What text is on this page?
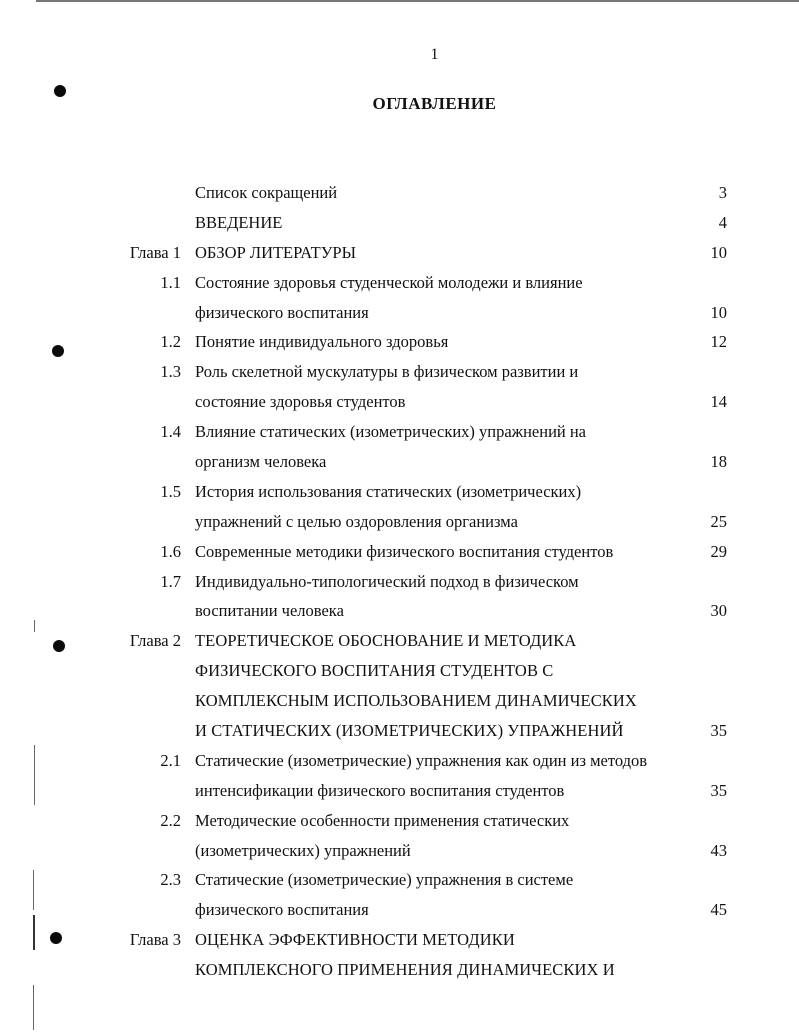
1
ОГЛАВЛЕНИЕ
Список сокращений	3
ВВЕДЕНИЕ	4
Глава 1 ОБЗОР ЛИТЕРАТУРЫ	10
1.1 Состояние здоровья студенческой молодежи и влияние
физического воспитания	10
1.2 Понятие индивидуального здоровья	12
1.3 Роль скелетной мускулатуры в физическом развитии и
состояние здоровья студентов	14
1.4 Влияние статических (изометрических) упражнений на
организм человека	18
1.5 История использования статических (изометрических)
упражнений с целью оздоровления организма	25
1.6 Современные методики физического воспитания студентов	29
1.7 Индивидуально-типологический подход в физическом
воспитании человека	30
Глава 2 ТЕОРЕТИЧЕСКОЕ ОБОСНОВАНИЕ И МЕТОДИКА
ФИЗИЧЕСКОГО ВОСПИТАНИЯ СТУДЕНТОВ С
КОМПЛЕКСНЫМ ИСПОЛЬЗОВАНИЕМ ДИНАМИЧЕСКИХ
И СТАТИЧЕСКИХ (ИЗОМЕТРИЧЕСКИХ) УПРАЖНЕНИЙ	35
2.1 Статические (изометрические) упражнения как один из методов
интенсификации физического воспитания студентов	35
2.2 Методические особенности применения статических
(изометрических) упражнений	43
2.3 Статические (изометрические) упражнения в системе
физического воспитания	45
Глава 3 ОЦЕНКА ЭФФЕКТИВНОСТИ МЕТОДИКИ
КОМПЛЕКСНОГО ПРИМЕНЕНИЯ ДИНАМИЧЕСКИХ И
